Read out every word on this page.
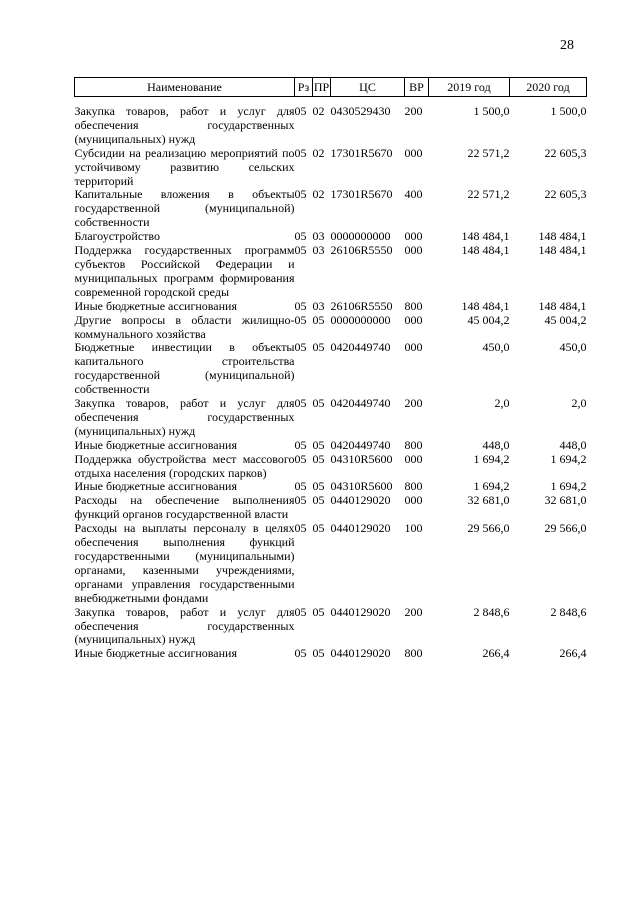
28
Наименование	Рз	ПР	ЦС	ВР	2019 год	2020 год

Закупка товаров, работ и услуг для обеспечения государственных (муниципальных) нужд	05	02	0430529430	200	1 500,0	1 500,0
Субсидии на реализацию мероприятий по устойчивому развитию сельских территорий	05	02	17301R5670	000	22 571,2	22 605,3
Капитальные вложения в объекты государственной (муниципальной) собственности	05	02	17301R5670	400	22 571,2	22 605,3
Благоустройство	05	03	0000000000	000	148 484,1	148 484,1
Поддержка государственных программ субъектов Российской Федерации и муниципальных программ формирования современной городской среды	05	03	26106R5550	000	148 484,1	148 484,1
Иные бюджетные ассигнования	05	03	26106R5550	800	148 484,1	148 484,1
Другие вопросы в области жилищно-коммунального хозяйства	05	05	0000000000	000	45 004,2	45 004,2
Бюджетные инвестиции в объекты капитального строительства государственной (муниципальной) собственности	05	05	0420449740	000	450,0	450,0
Закупка товаров, работ и услуг для обеспечения государственных (муниципальных) нужд	05	05	0420449740	200	2,0	2,0
Иные бюджетные ассигнования	05	05	0420449740	800	448,0	448,0
Поддержка обустройства мест массового отдыха населения (городских парков)	05	05	04310R5600	000	1 694,2	1 694,2
Иные бюджетные ассигнования	05	05	04310R5600	800	1 694,2	1 694,2
Расходы на обеспечение выполнения функций органов государственной власти	05	05	0440129020	000	32 681,0	32 681,0
Расходы на выплаты персоналу в целях обеспечения выполнения функций государственными (муниципальными) органами, казенными учреждениями, органами управления государственными внебюджетными фондами	05	05	0440129020	100	29 566,0	29 566,0
Закупка товаров, работ и услуг для обеспечения государственных (муниципальных) нужд	05	05	0440129020	200	2 848,6	2 848,6
Иные бюджетные ассигнования	05	05	0440129020	800	266,4	266,4
